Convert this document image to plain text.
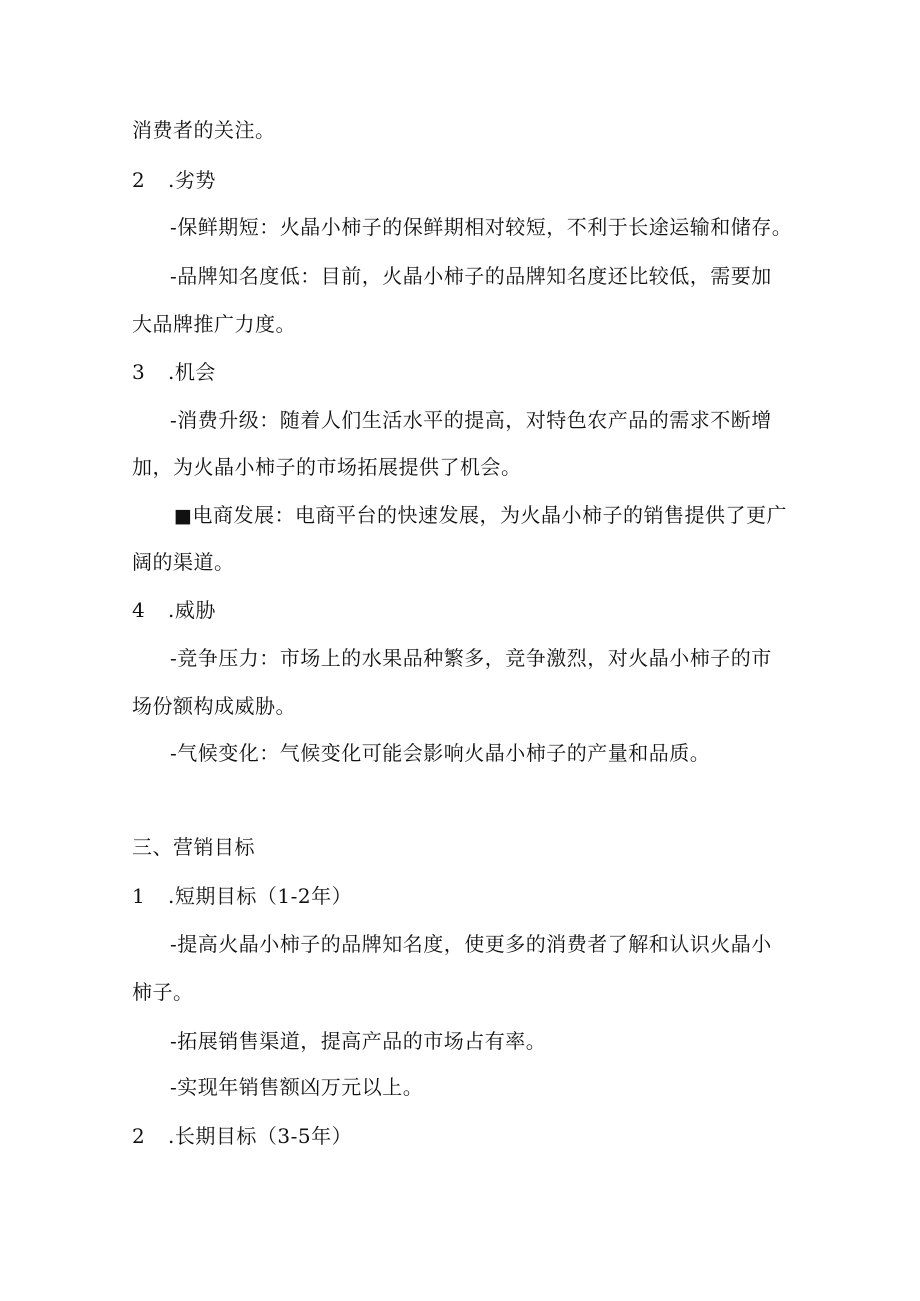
消费者的关注。
2 .劣势
-保鲜期短：火晶小柿子的保鲜期相对较短，不利于长途运输和储存。
-品牌知名度低：目前，火晶小柿子的品牌知名度还比较低，需要加
大品牌推广力度。
3 .机会
-消费升级：随着人们生活水平的提高，对特色农产品的需求不断增
加，为火晶小柿子的市场拓展提供了机会。
■电商发展：电商平台的快速发展，为火晶小柿子的销售提供了更广
阔的渠道。
4 .威胁
-竞争压力：市场上的水果品种繁多，竞争激烈，对火晶小柿子的市
场份额构成威胁。
-气候变化：气候变化可能会影响火晶小柿子的产量和品质。
三、营销目标
1 .短期目标（1-2年）
-提高火晶小柿子的品牌知名度，使更多的消费者了解和认识火晶小
柿子。
-拓展销售渠道，提高产品的市场占有率。
-实现年销售额凶万元以上。
2 .长期目标（3-5年）
